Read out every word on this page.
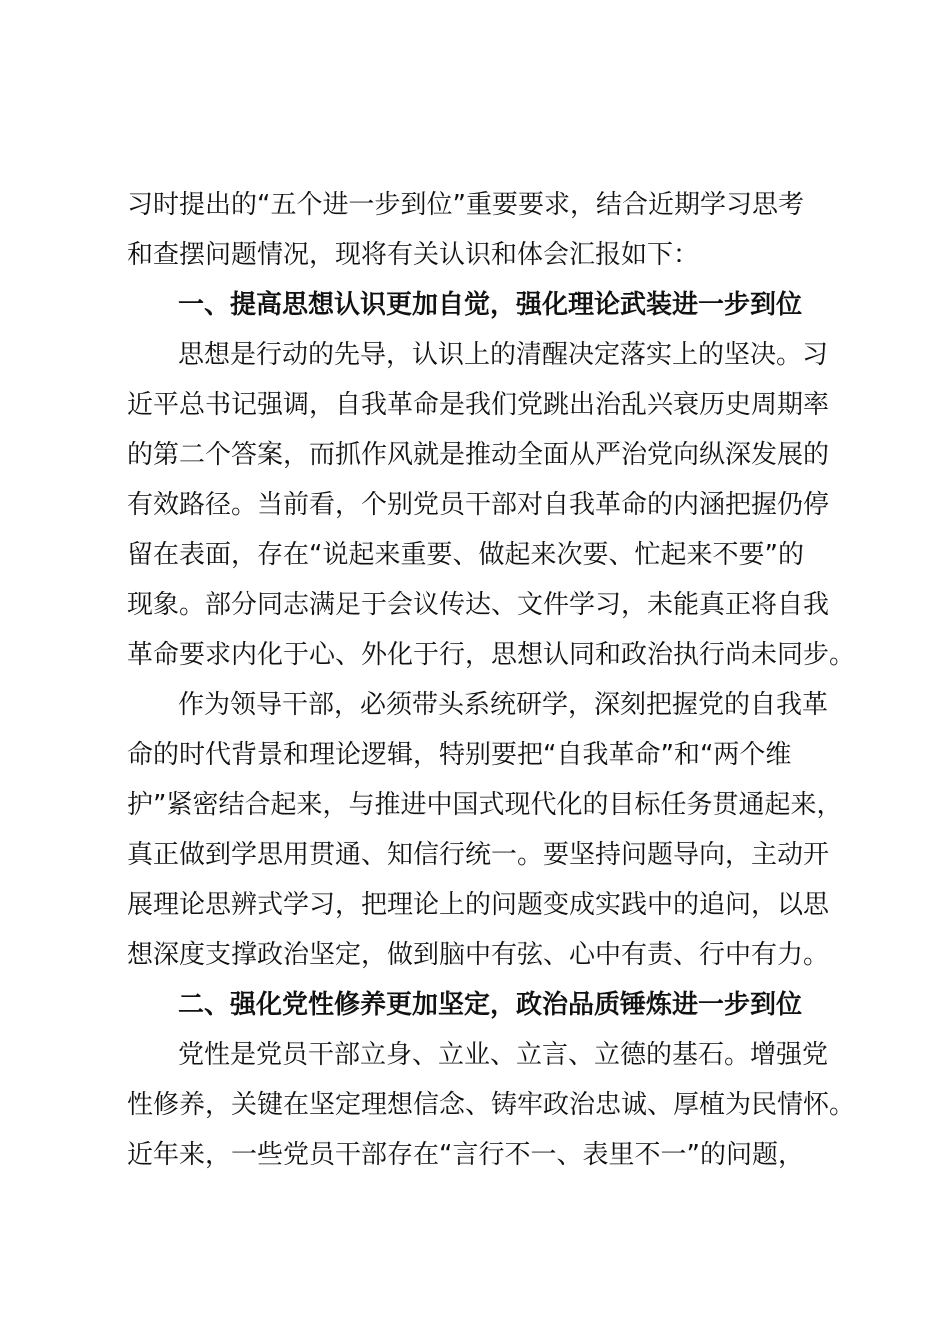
习时提出的“五个进一步到位”重要要求，结合近期学习思考
和查摆问题情况，现将有关认识和体会汇报如下：
一、提高思想认识更加自觉，强化理论武装进一步到位
思想是行动的先导，认识上的清醒决定落实上的坚决。习
近平总书记强调，自我革命是我们党跳出治乱兴衰历史周期率
的第二个答案，而抓作风就是推动全面从严治党向纵深发展的
有效路径。当前看，个别党员干部对自我革命的内涵把握仍停
留在表面，存在“说起来重要、做起来次要、忙起来不要”的
现象。部分同志满足于会议传达、文件学习，未能真正将自我
革命要求内化于心、外化于行，思想认同和政治执行尚未同步。
作为领导干部，必须带头系统研学，深刻把握党的自我革
命的时代背景和理论逻辑，特别要把“自我革命”和“两个维
护”紧密结合起来，与推进中国式现代化的目标任务贯通起来，
真正做到学思用贯通、知信行统一。要坚持问题导向，主动开
展理论思辨式学习，把理论上的问题变成实践中的追问，以思
想深度支撑政治坚定，做到脑中有弦、心中有责、行中有力。
二、强化党性修养更加坚定，政治品质锤炼进一步到位
党性是党员干部立身、立业、立言、立德的基石。增强党
性修养，关键在坚定理想信念、铸牢政治忠诚、厚植为民情怀。
近年来，一些党员干部存在“言行不一、表里不一”的问题，
